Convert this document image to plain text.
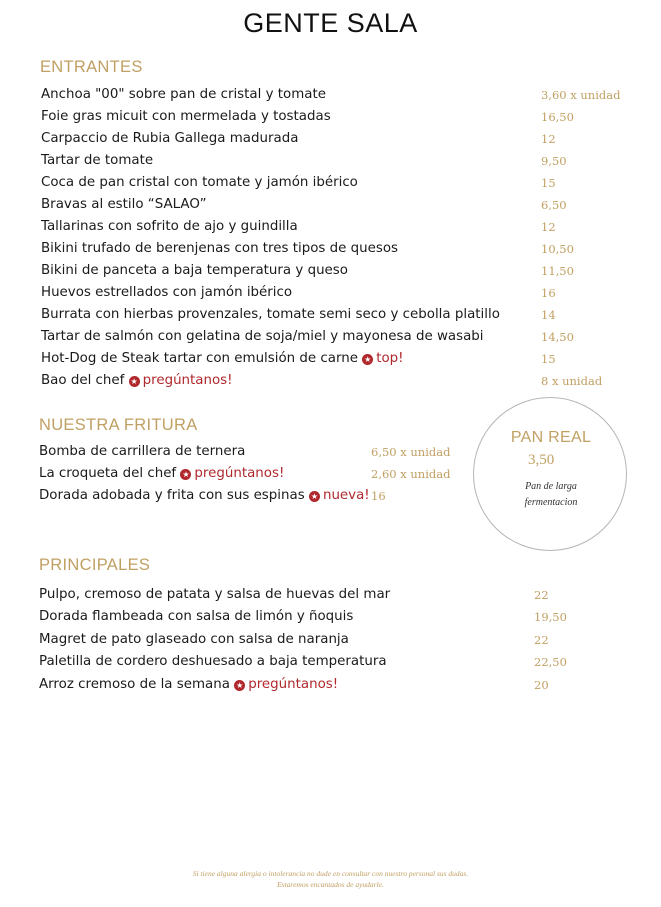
GENTE SALA
ENTRANTES
Anchoa "00" sobre pan de cristal y tomate	3,60 x unidad
Foie gras micuit con mermelada y tostadas	16,50
Carpaccio de Rubia Gallega madurada	12
Tartar de tomate	9,50
Coca de pan cristal con tomate y jamón ibérico	15
Bravas al estilo “SALAO”	6,50
Tallarinas con sofrito de ajo y guindilla	12
Bikini trufado de berenjenas con tres tipos de quesos	10,50
Bikini de panceta a baja temperatura y queso	11,50
Huevos estrellados con jamón ibérico	16
Burrata con hierbas provenzales, tomate semi seco y cebolla platillo	14
Tartar de salmón con gelatina de soja/miel y mayonesa de wasabi	14,50
Hot-Dog de Steak tartar con emulsión de carne ★ top!	15
Bao del chef ★ pregúntanos!	8 x unidad
NUESTRA FRITURA
Bomba de carrillera de ternera	6,50 x unidad
La croqueta del chef ★ pregúntanos!	2,60 x unidad
Dorada adobada y frita con sus espinas ★ nueva! 16
PAN REAL
3,50
Pan de larga
fermentacion
PRINCIPALES
Pulpo, cremoso de patata y salsa de huevas del mar	22
Dorada flambeada con salsa de limón y ñoquis	19,50
Magret de pato glaseado con salsa de naranja	22
Paletilla de cordero deshuesado a baja temperatura	22,50
Arroz cremoso de la semana ★ pregúntanos!	20
Si tiene alguna alergia o intolerancia no dude en consultar con nuestro personal sus dudas.
Estaremos encantados de ayudarle.
